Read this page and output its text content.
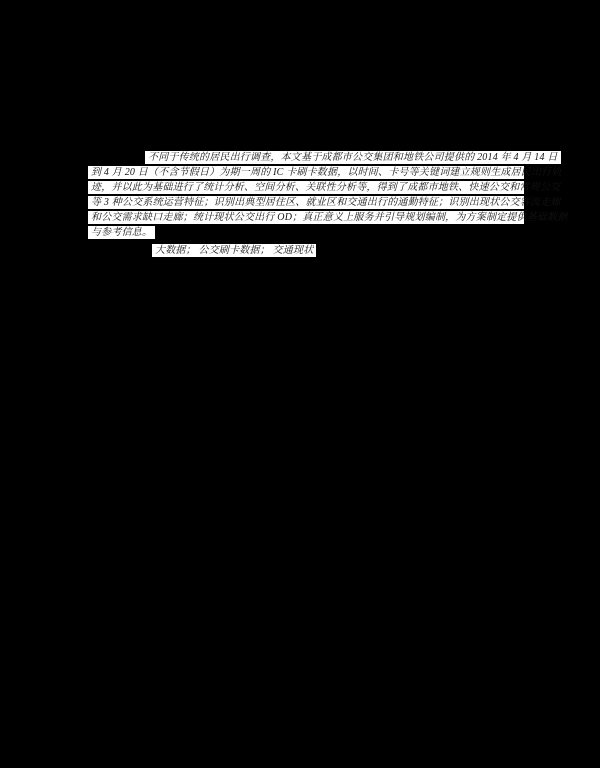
不同于传统的居民出行调查，本文基于成都市公交集团和地铁公司提供的 2014 年 4 月 14 日
到 4 月 20 日（不含节假日）为期一周的 IC 卡刷卡数据，以时间、卡号等关键词建立规则生成居民出行轨
迹，并以此为基础进行了统计分析、空间分析、关联性分析等，得到了成都市地铁、快速公交和常规公交
等 3 种公交系统运营特征；识别出典型居住区、就业区和交通出行的通勤特征；识别出现状公交客流走廊
和公交需求缺口走廊；统计现状公交出行 OD；真正意义上服务并引导规划编制，为方案制定提供基础数据
与参考信息。
大数据； 公交刷卡数据； 交通现状
